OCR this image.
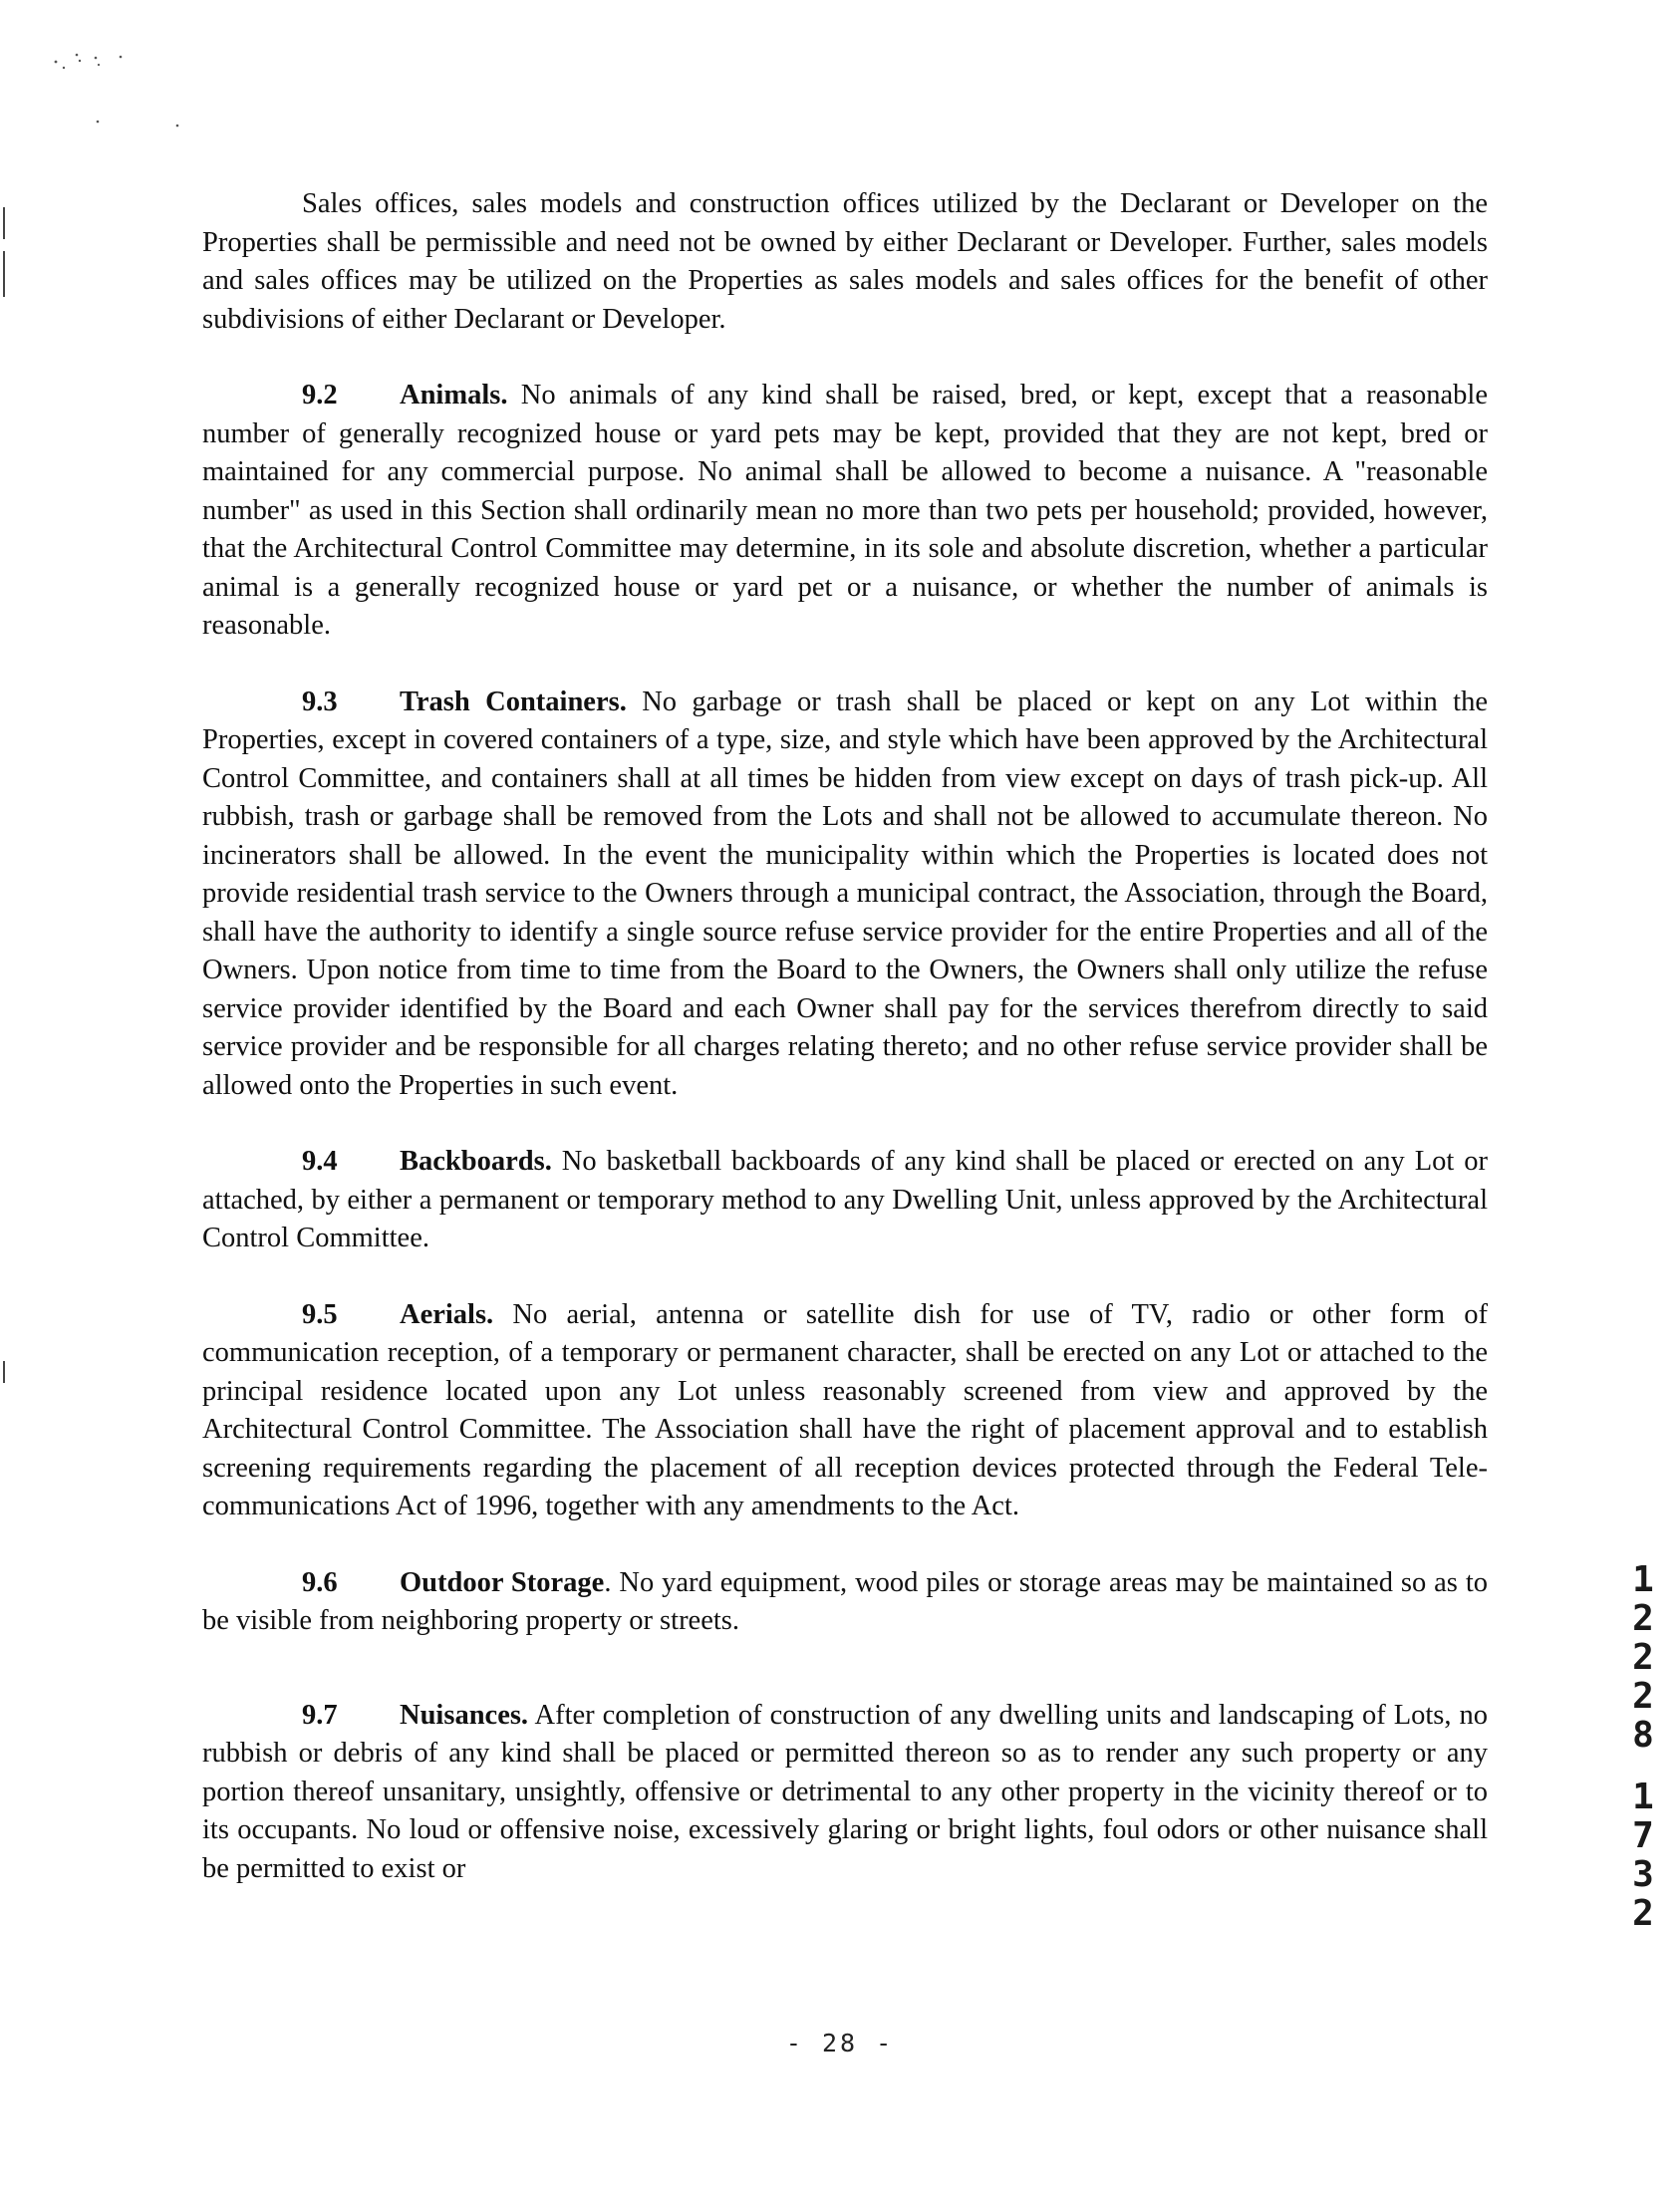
Sales offices, sales models and construction offices utilized by the Declarant or Developer on the Properties shall be permissible and need not be owned by either Declarant or Developer. Further, sales models and sales offices may be utilized on the Properties as sales models and sales offices for the benefit of other subdivisions of either Declarant or Developer.

9.2 Animals. No animals of any kind shall be raised, bred, or kept, except that a reasonable number of generally recognized house or yard pets may be kept, provided that they are not kept, bred or maintained for any commercial purpose. No animal shall be allowed to become a nuisance. A "reasonable number" as used in this Section shall ordinarily mean no more than two pets per household; provided, however, that the Architectural Control Committee may determine, in its sole and absolute discretion, whether a particular animal is a generally recognized house or yard pet or a nuisance, or whether the number of animals is reasonable.

9.3 Trash Containers. No garbage or trash shall be placed or kept on any Lot within the Properties, except in covered containers of a type, size, and style which have been approved by the Architectural Control Committee, and containers shall at all times be hidden from view except on days of trash pick-up. All rubbish, trash or garbage shall be removed from the Lots and shall not be allowed to accumulate thereon. No incinerators shall be allowed. In the event the municipality within which the Properties is located does not provide residential trash service to the Owners through a municipal contract, the Association, through the Board, shall have the authority to identify a single source refuse service provider for the entire Properties and all of the Owners. Upon notice from time to time from the Board to the Owners, the Owners shall only utilize the refuse service provider identified by the Board and each Owner shall pay for the services therefrom directly to said service provider and be responsible for all charges relating thereto; and no other refuse service provider shall be allowed onto the Properties in such event.

9.4 Backboards. No basketball backboards of any kind shall be placed or erected on any Lot or attached, by either a permanent or temporary method to any Dwelling Unit, unless approved by the Architectural Control Committee.

9.5 Aerials. No aerial, antenna or satellite dish for use of TV, radio or other form of communication reception, of a temporary or permanent character, shall be erected on any Lot or attached to the principal residence located upon any Lot unless reasonably screened from view and approved by the Architectural Control Committee. The Association shall have the right of placement approval and to establish screening requirements regarding the placement of all reception devices protected through the Federal Tele-communications Act of 1996, together with any amendments to the Act.

9.6 Outdoor Storage. No yard equipment, wood piles or storage areas may be maintained so as to be visible from neighboring property or streets.

9.7 Nuisances. After completion of construction of any dwelling units and landscaping of Lots, no rubbish or debris of any kind shall be placed or permitted thereon so as to render any such property or any portion thereof unsanitary, unsightly, offensive or detrimental to any other property in the vicinity thereof or to its occupants. No loud or offensive noise, excessively glaring or bright lights, foul odors or other nuisance shall be permitted to exist or

1
2
2
2
8
1
7
3
2
- 28 -
